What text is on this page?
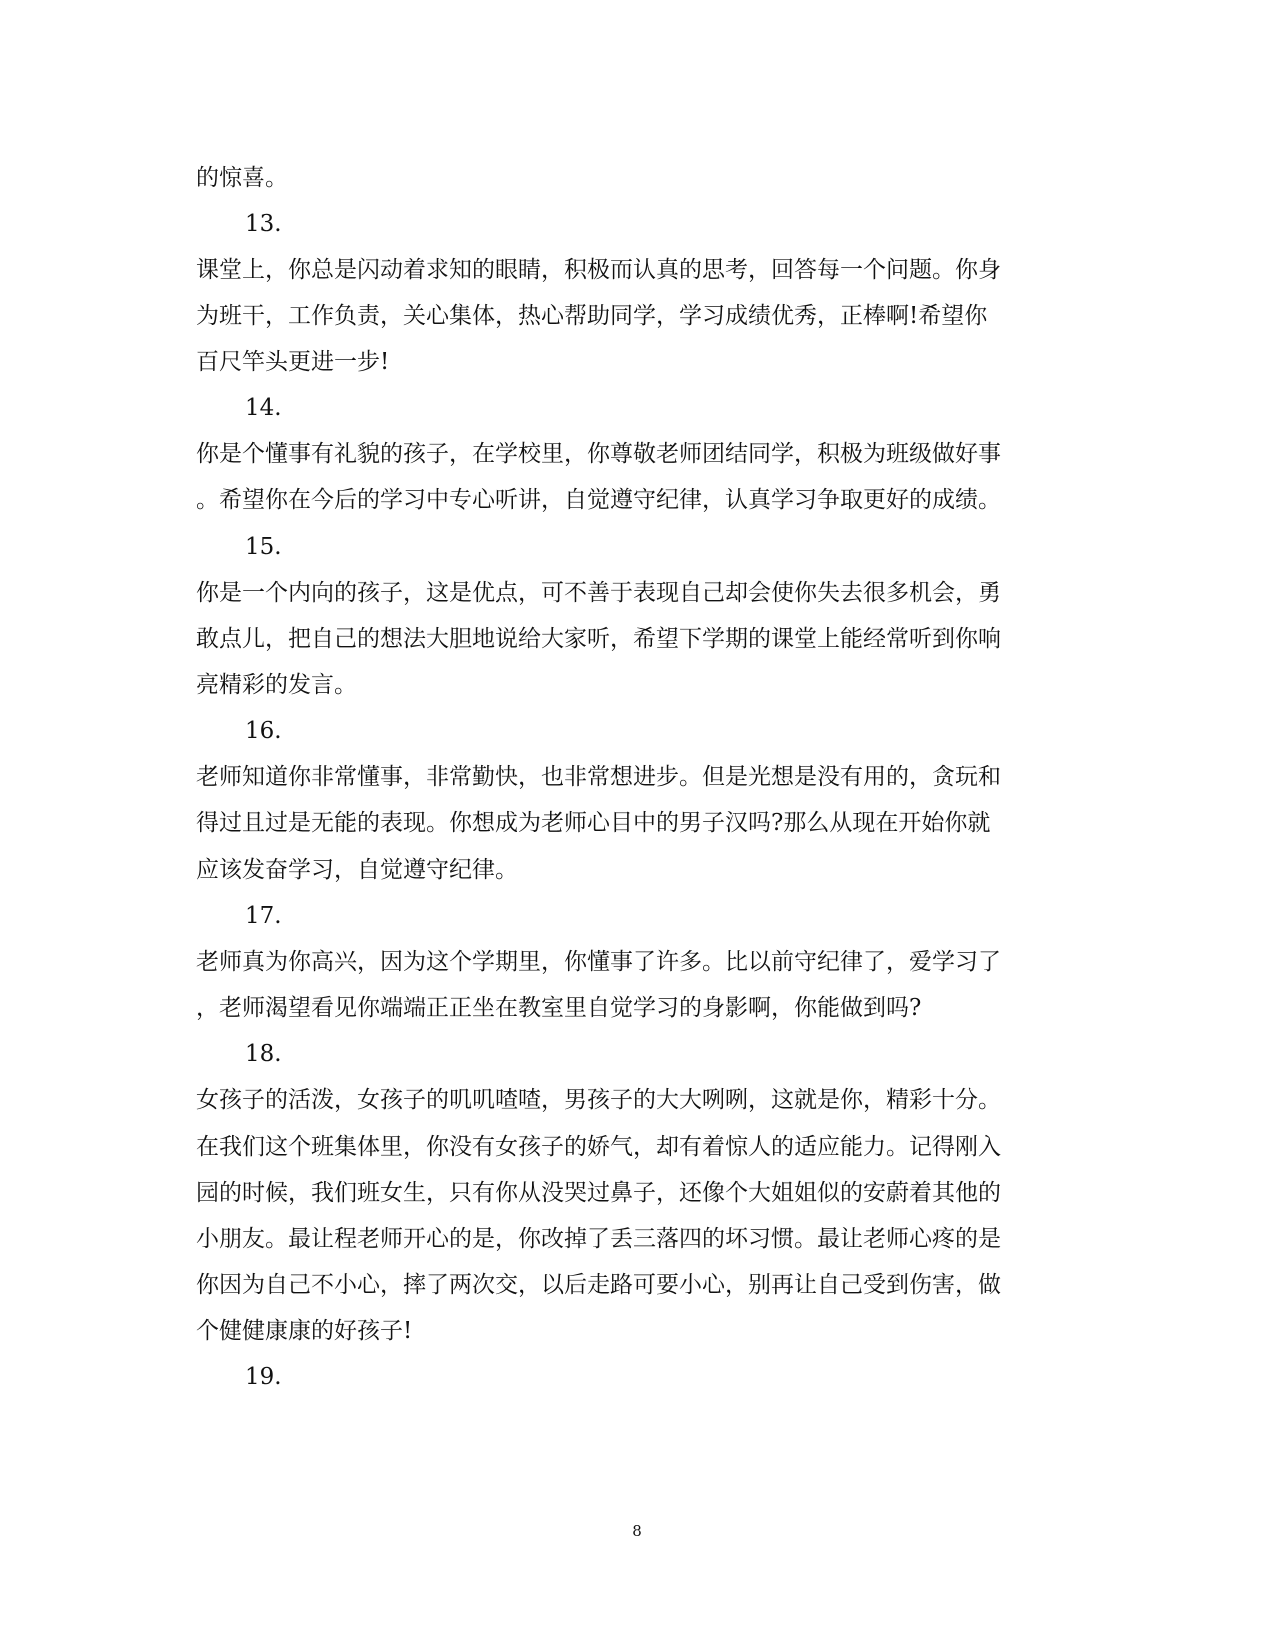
的惊喜。
13.
课堂上，你总是闪动着求知的眼睛，积极而认真的思考，回答每一个问题。你身
为班干，工作负责，关心集体，热心帮助同学，学习成绩优秀，正棒啊!希望你
百尺竿头更进一步!
14.
你是个懂事有礼貌的孩子，在学校里，你尊敬老师团结同学，积极为班级做好事
。希望你在今后的学习中专心听讲，自觉遵守纪律，认真学习争取更好的成绩。
15.
你是一个内向的孩子，这是优点，可不善于表现自己却会使你失去很多机会，勇
敢点儿，把自己的想法大胆地说给大家听，希望下学期的课堂上能经常听到你响
亮精彩的发言。
16.
老师知道你非常懂事，非常勤快，也非常想进步。但是光想是没有用的，贪玩和
得过且过是无能的表现。你想成为老师心目中的男子汉吗?那么从现在开始你就
应该发奋学习，自觉遵守纪律。
17.
老师真为你高兴，因为这个学期里，你懂事了许多。比以前守纪律了，爱学习了
，老师渴望看见你端端正正坐在教室里自觉学习的身影啊，你能做到吗?
18.
女孩子的活泼，女孩子的叽叽喳喳，男孩子的大大咧咧，这就是你，精彩十分。
在我们这个班集体里，你没有女孩子的娇气，却有着惊人的适应能力。记得刚入
园的时候，我们班女生，只有你从没哭过鼻子，还像个大姐姐似的安蔚着其他的
小朋友。最让程老师开心的是，你改掉了丢三落四的坏习惯。最让老师心疼的是
你因为自己不小心，摔了两次交，以后走路可要小心，别再让自己受到伤害，做
个健健康康的好孩子!
19.
8
